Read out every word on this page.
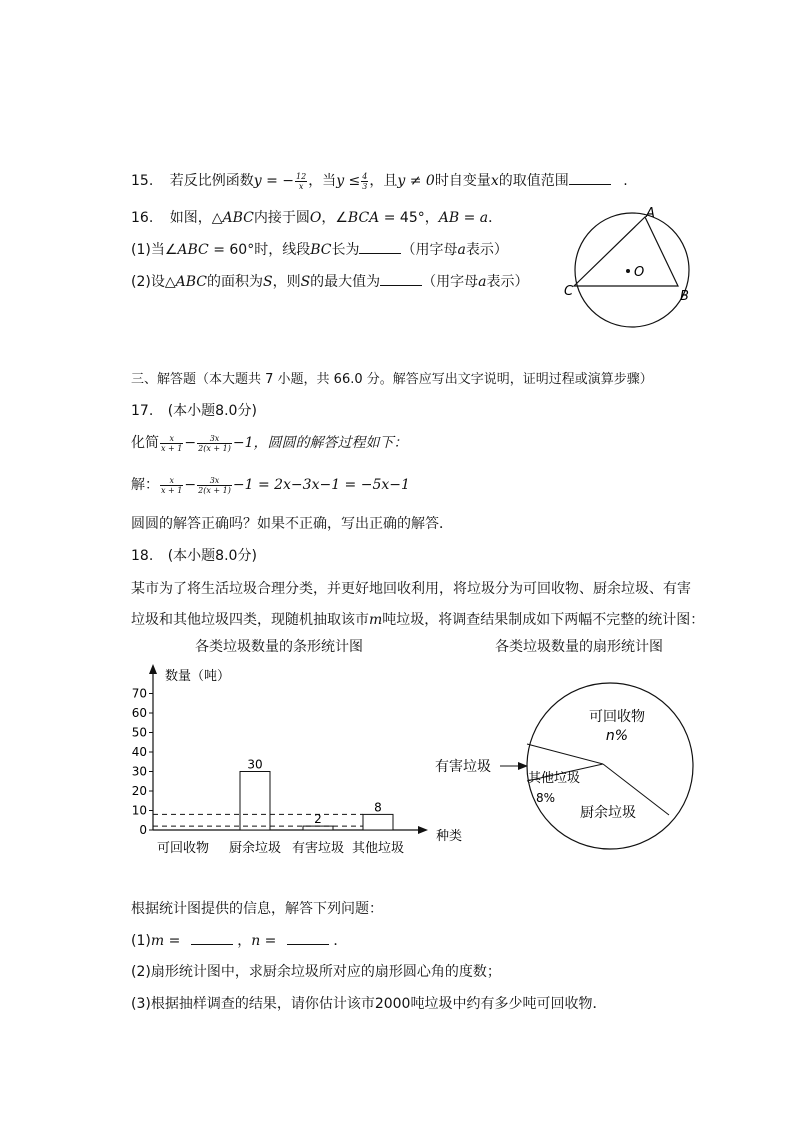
15. 若反比例函数y = − $\frac{12}{x}$ ，当$y \le \frac{4}{3}$ ，且y ≠ 0时自变量x的取值范围	.
16. 如图，△ABC内接于圆O，∠BCA = 45°，AB = a．
(1)当∠ABC = 60°时，线段BC长为	（用字母a表示）
(2)设△ABC的面积为S，则S的最大值为	（用字母a表示）
A
B
C
O
三、解答题（本大题共 7 小题，共 66.0 分。解答应写出文字说明，证明过程或演算步骤）
17. (本小题8.0分)
化简 $\frac{x}{x + 1} - \frac{3x}{2(x + 1)} -1$，圆圆的解答过程如下：
解： $\frac{x}{x + 1} - \frac{3x}{2(x + 1)} -1 = 2x-3x-1 = -5x-1$
圆圆的解答正确吗？如果不正确，写出正确的解答．
18. (本小题8.0分)
某市为了将生活垃圾合理分类，并更好地回收利用，将垃圾分为可回收物、厨余垃圾、有害
垃圾和其他垃圾四类，现随机抽取该市m吨垃圾，将调查结果制成如下两幅不完整的统计图：
各类垃圾数量的条形统计图	各类垃圾数量的扇形统计图
数量（吨）
种类
0
10
20
30
40
50
60
70
可回收物
30
厨余垃圾
2
有害垃圾
8
其他垃圾
可回收物
n%
其他垃圾
8%
厨余垃圾
有害垃圾
根据统计图提供的信息，解答下列问题：
(1)m =	，n =	．
(2)扇形统计图中，求厨余垃圾所对应的扇形圆心角的度数；
(3)根据抽样调查的结果，请你估计该市2000吨垃圾中约有多少吨可回收物．
